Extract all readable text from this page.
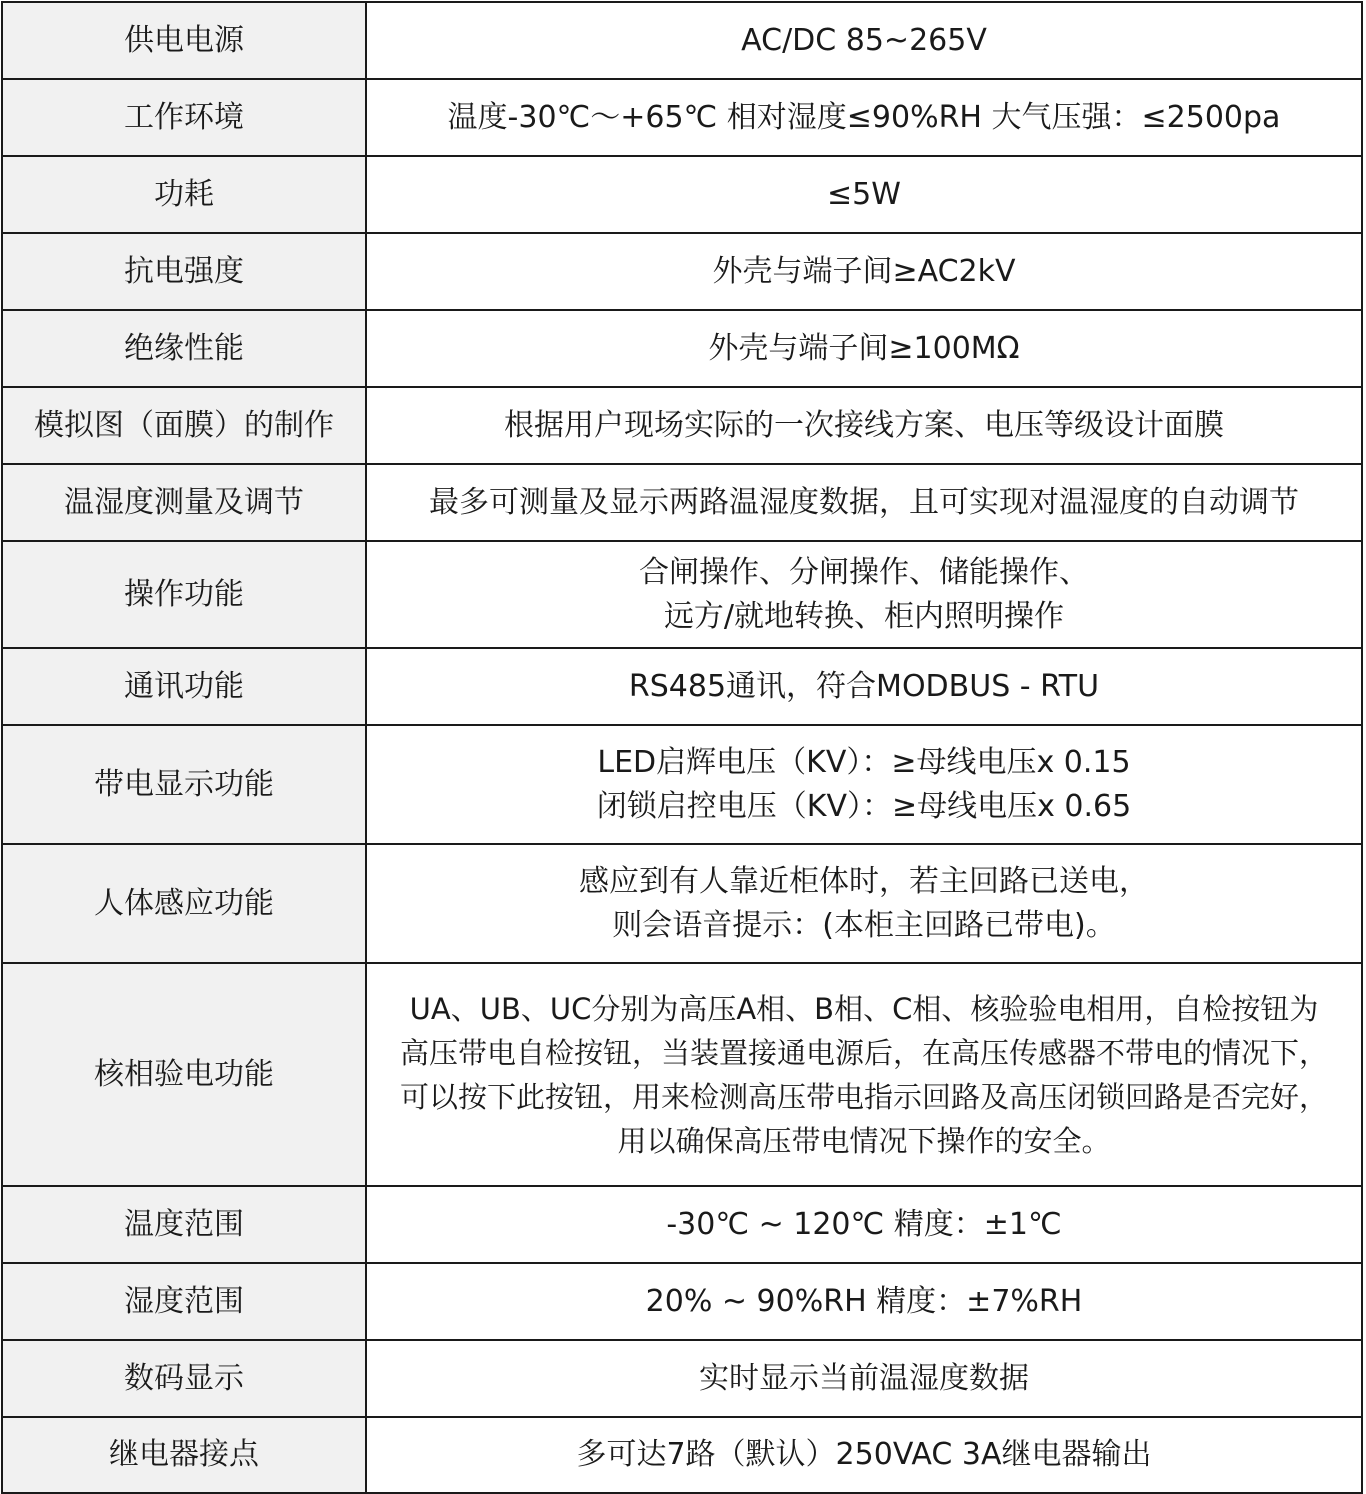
供电电源	AC/DC 85~265V
工作环境	温度-30℃～+65℃ 相对湿度≤90%RH 大气压强：≤2500pa
功耗	≤5W
抗电强度	外壳与端子间≥AC2kV
绝缘性能	外壳与端子间≥100MΩ
模拟图（面膜）的制作	根据用户现场实际的一次接线方案、电压等级设计面膜
温湿度测量及调节	最多可测量及显示两路温湿度数据，且可实现对温湿度的自动调节
操作功能	合闸操作、分闸操作、储能操作、
远方/就地转换、柜内照明操作
通讯功能	RS485通讯，符合MODBUS - RTU
带电显示功能	LED启辉电压（KV）：≥母线电压x 0.15
闭锁启控电压（KV）：≥母线电压x 0.65
人体感应功能	感应到有人靠近柜体时，若主回路已送电，
则会语音提示：(本柜主回路已带电)。
核相验电功能	UA、UB、UC分别为高压A相、B相、C相、核验验电相用，自检按钮为
高压带电自检按钮，当装置接通电源后，在高压传感器不带电的情况下，
可以按下此按钮，用来检测高压带电指示回路及高压闭锁回路是否完好，
用以确保高压带电情况下操作的安全。
温度范围	-30℃ ~ 120℃ 精度：±1℃
湿度范围	20% ~ 90%RH 精度：±7%RH
数码显示	实时显示当前温湿度数据
继电器接点	多可达7路（默认）250VAC 3A继电器输出
